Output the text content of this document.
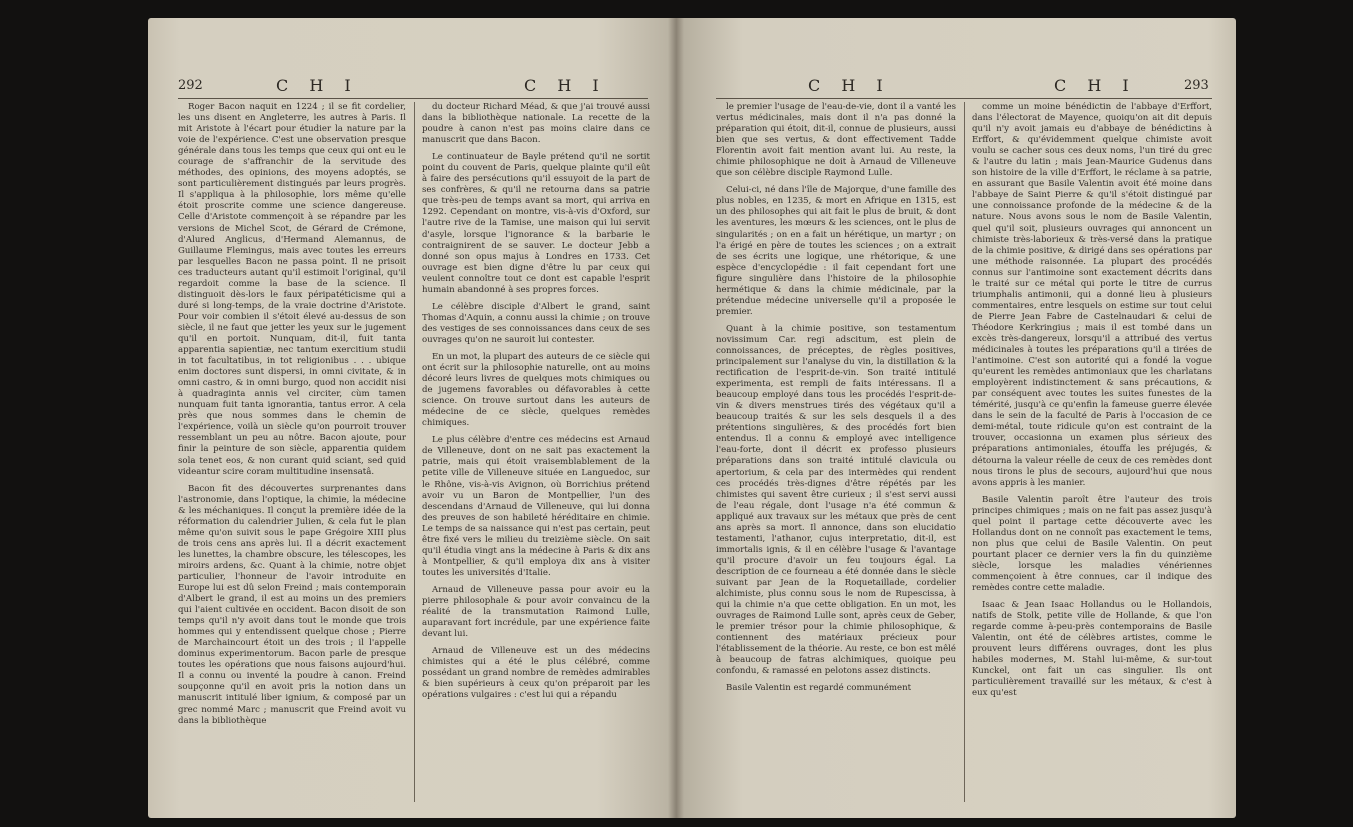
292	C H I	C H I

Roger Bacon naquit en 1224 ; il se fit cordelier, les uns disent en Angleterre, les autres à Paris. Il mit Aristote à l'écart pour étudier la nature par la voie de l'expérience. C'est une observation presque générale dans tous les temps que ceux qui ont eu le courage de s'affranchir de la servitude des méthodes, des opinions, des moyens adoptés, se sont particulièrement distingués par leurs progrès. Il s'appliqua à la philosophie, lors même qu'elle étoit proscrite comme une science dangereuse. Celle d'Aristote commençoit à se répandre par les versions de Michel Scot, de Gérard de Crémone, d'Alured Anglicus, d'Hermand Alemannus, de Guillaume Flemingus, mais avec toutes les erreurs par lesquelles Bacon ne passa point. Il ne prisoit ces traducteurs autant qu'il estimoit l'original, qu'il regardoit comme la base de la science. Il distinguoit dès-lors le faux péripatéticisme qui a duré si long-temps, de la vraie doctrine d'Aristote. Pour voir combien il s'étoit élevé au-dessus de son siècle, il ne faut que jetter les yeux sur le jugement qu'il en portoit. Nunquam, dit-il, fuit tanta apparentia sapientiæ, nec tantum exercitium studii in tot facultatibus, in tot religionibus . . . ubique enim doctores sunt dispersi, in omni civitate, & in omni castro, & in omni burgo, quod non accidit nisi à quadraginta annis vel circiter, cùm tamen nunquam fuit tanta ignorantia, tantus error. A cela près que nous sommes dans le chemin de l'expérience, voilà un siècle qu'on pourroit trouver ressemblant un peu au nôtre. Bacon ajoute, pour finir la peinture de son siècle, apparentia quidem sola tenet eos, & non curant quid sciant, sed quid videantur scire coram multitudine insensatâ.

Bacon fit des découvertes surprenantes dans l'astronomie, dans l'optique, la chimie, la médecine & les méchaniques. Il conçut la première idée de la réformation du calendrier Julien, & cela fut le plan même qu'on suivit sous le pape Grégoire XIII plus de trois cens ans après lui. Il a décrit exactement les lunettes, la chambre obscure, les télescopes, les miroirs ardens, &c. Quant à la chimie, notre objet particulier, l'honneur de l'avoir introduite en Europe lui est dû selon Freind ; mais contemporain d'Albert le grand, il est au moins un des premiers qui l'aient cultivée en occident. Bacon disoit de son temps qu'il n'y avoit dans tout le monde que trois hommes qui y entendissent quelque chose ; Pierre de Marchaincourt étoit un des trois ; il l'appelle dominus experimentorum. Bacon parle de presque toutes les opérations que nous faisons aujourd'hui. Il a connu ou inventé la poudre à canon. Freind soupçonne qu'il en avoit pris la notion dans un manuscrit intitulé liber ignium, & composé par un grec nommé Marc ; manuscrit que Freind avoit vu dans la bibliothèque

du docteur Richard Méad, & que j'ai trouvé aussi dans la bibliothèque nationale. La recette de la poudre à canon n'est pas moins claire dans ce manuscrit que dans Bacon.

Le continuateur de Bayle prétend qu'il ne sortit point du couvent de Paris, quelque plainte qu'il eût à faire des persécutions qu'il essuyoit de la part de ses confrères, & qu'il ne retourna dans sa patrie que très-peu de temps avant sa mort, qui arriva en 1292. Cependant on montre, vis-à-vis d'Oxford, sur l'autre rive de la Tamise, une maison qui lui servit d'asyle, lorsque l'ignorance & la barbarie le contraignirent de se sauver. Le docteur Jebb a donné son opus majus à Londres en 1733. Cet ouvrage est bien digne d'être lu par ceux qui veulent connoître tout ce dont est capable l'esprit humain abandonné à ses propres forces.

Le célèbre disciple d'Albert le grand, saint Thomas d'Aquin, a connu aussi la chimie ; on trouve des vestiges de ses connoissances dans ceux de ses ouvrages qu'on ne sauroit lui contester.

En un mot, la plupart des auteurs de ce siècle qui ont écrit sur la philosophie naturelle, ont au moins décoré leurs livres de quelques mots chimiques ou de jugemens favorables ou défavorables à cette science. On trouve surtout dans les auteurs de médecine de ce siècle, quelques remèdes chimiques.

Le plus célèbre d'entre ces médecins est Arnaud de Villeneuve, dont on ne sait pas exactement la patrie, mais qui étoit vraisemblablement de la petite ville de Villeneuve située en Languedoc, sur le Rhône, vis-à-vis Avignon, où Borrichius prétend avoir vu un Baron de Montpellier, l'un des descendans d'Arnaud de Villeneuve, qui lui donna des preuves de son habileté héréditaire en chimie. Le temps de sa naissance qui n'est pas certain, peut être fixé vers le milieu du treizième siècle. On sait qu'il étudia vingt ans la médecine à Paris & dix ans à Montpellier, & qu'il employa dix ans à visiter toutes les universités d'Italie.

Arnaud de Villeneuve passa pour avoir eu la pierre philosophale & pour avoir convaincu de la réalité de la transmutation Raimond Lulle, auparavant fort incrédule, par une expérience faite devant lui.

Arnaud de Villeneuve est un des médecins chimistes qui a été le plus célébré, comme possédant un grand nombre de remèdes admirables & bien supérieurs à ceux qu'on préparoit par les opérations vulgaires : c'est lui qui a répandu

C H I	C H I	293

le premier l'usage de l'eau-de-vie, dont il a vanté les vertus médicinales, mais dont il n'a pas donné la préparation qui étoit, dit-il, connue de plusieurs, aussi bien que ses vertus, & dont effectivement Tadde Florentin avoit fait mention avant lui. Au reste, la chimie philosophique ne doit à Arnaud de Villeneuve que son célèbre disciple Raymond Lulle.

Celui-ci, né dans l'île de Majorque, d'une famille des plus nobles, en 1235, & mort en Afrique en 1315, est un des philosophes qui ait fait le plus de bruit, & dont les aventures, les mœurs & les sciences, ont le plus de singularités ; on en a fait un hérétique, un martyr ; on l'a érigé en père de toutes les sciences ; on a extrait de ses écrits une logique, une rhétorique, & une espèce d'encyclopédie : il fait cependant fort une figure singulière dans l'histoire de la philosophie hermétique & dans la chimie médicinale, par la prétendue médecine universelle qu'il a proposée le premier.

Quant à la chimie positive, son testamentum novissimum Car. regi adscitum, est plein de connoissances, de préceptes, de règles positives, principalement sur l'analyse du vin, la distillation & la rectification de l'esprit-de-vin. Son traité intitulé experimenta, est rempli de faits intéressans. Il a beaucoup employé dans tous les procédés l'esprit-de-vin & divers menstrues tirés des végétaux qu'il a beaucoup traités & sur les sels desquels il a des prétentions singulières, & des procédés fort bien entendus. Il a connu & employé avec intelligence l'eau-forte, dont il décrit ex professo plusieurs préparations dans son traité intitulé clavicula ou apertorium, & cela par des intermèdes qui rendent ces procédés très-dignes d'être répétés par les chimistes qui savent être curieux ; il s'est servi aussi de l'eau régale, dont l'usage n'a été commun & appliqué aux travaux sur les métaux que près de cent ans après sa mort. Il annonce, dans son elucidatio testamenti, l'athanor, cujus interpretatio, dit-il, est immortalis ignis, & il en célèbre l'usage & l'avantage qu'il procure d'avoir un feu toujours égal. La description de ce fourneau a été donnée dans le siècle suivant par Jean de la Roquetaillade, cordelier alchimiste, plus connu sous le nom de Rupescissa, à qui la chimie n'a que cette obligation. En un mot, les ouvrages de Raimond Lulle sont, après ceux de Geber, le premier trésor pour la chimie philosophique, & contiennent des matériaux précieux pour l'établissement de la théorie. Au reste, ce bon est mêlé à beaucoup de fatras alchimiques, quoique peu confondu, & ramassé en pelotons assez distincts.

Basile Valentin est regardé communément

comme un moine bénédictin de l'abbaye d'Erffort, dans l'électorat de Mayence, quoiqu'on ait dit depuis qu'il n'y avoit jamais eu d'abbaye de bénédictins à Erffort, & qu'évidemment quelque chimiste avoit voulu se cacher sous ces deux noms, l'un tiré du grec & l'autre du latin ; mais Jean-Maurice Gudenus dans son histoire de la ville d'Erffort, le réclame à sa patrie, en assurant que Basile Valentin avoit été moine dans l'abbaye de Saint Pierre & qu'il s'étoit distingué par une connoissance profonde de la médecine & de la nature. Nous avons sous le nom de Basile Valentin, quel qu'il soit, plusieurs ouvrages qui annoncent un chimiste très-laborieux & très-versé dans la pratique de la chimie positive, & dirigé dans ses opérations par une méthode raisonnée. La plupart des procédés connus sur l'antimoine sont exactement décrits dans le traité sur ce métal qui porte le titre de currus triumphalis antimonii, qui a donné lieu à plusieurs commentaires, entre lesquels on estime sur tout celui de Pierre Jean Fabre de Castelnaudari & celui de Théodore Kerkringius ; mais il est tombé dans un excès très-dangereux, lorsqu'il a attribué des vertus médicinales à toutes les préparations qu'il a tirées de l'antimoine. C'est son autorité qui a fondé la vogue qu'eurent les remèdes antimoniaux que les charlatans employèrent indistinctement & sans précautions, & par conséquent avec toutes les suites funestes de la témérité, jusqu'à ce qu'enfin la fameuse guerre élevée dans le sein de la faculté de Paris à l'occasion de ce demi-métal, toute ridicule qu'on est contraint de la trouver, occasionna un examen plus sérieux des préparations antimoniales, étouffa les préjugés, & détourna la valeur réelle de ceux de ces remèdes dont nous tirons le plus de secours, aujourd'hui que nous avons appris à les manier.

Basile Valentin paroît être l'auteur des trois principes chimiques ; mais on ne fait pas assez jusqu'à quel point il partage cette découverte avec les Hollandus dont on ne connoît pas exactement le tems, non plus que celui de Basile Valentin. On peut pourtant placer ce dernier vers la fin du quinzième siècle, lorsque les maladies vénériennes commençoient à être connues, car il indique des remèdes contre cette maladie.

Isaac & Jean Isaac Hollandus ou le Hollandois, natifs de Stolk, petite ville de Hollande, & que l'on regarde comme à-peu-près contemporains de Basile Valentin, ont été de célèbres artistes, comme le prouvent leurs différens ouvrages, dont les plus habiles modernes, M. Stahl lui-même, & sur-tout Kunckel, ont fait un cas singulier. Ils ont particulièrement travaillé sur les métaux, & c'est à eux qu'est
